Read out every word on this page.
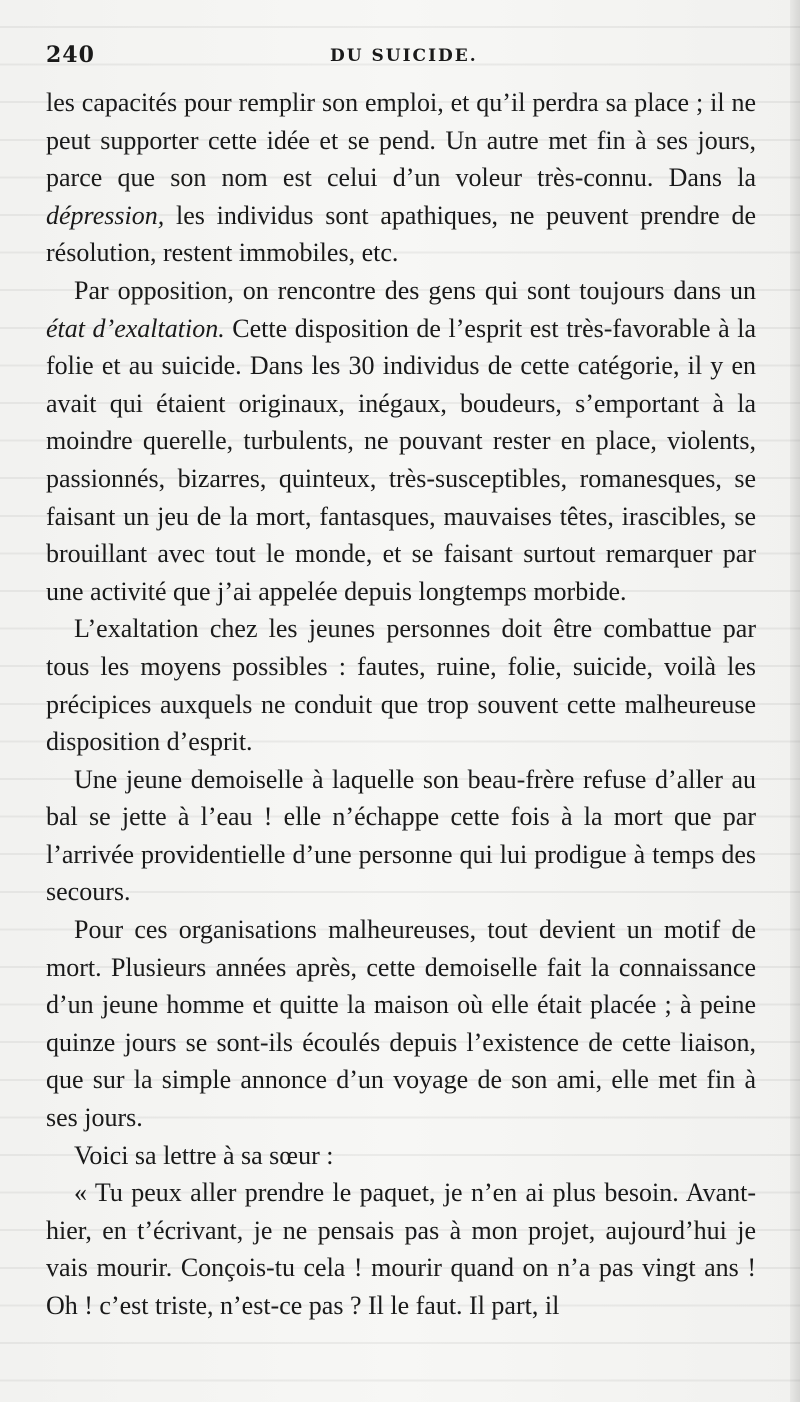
240	DU SUICIDE.

les capacités pour remplir son emploi, et qu’il perdra sa place ; il ne peut supporter cette idée et se pend. Un autre met fin à ses jours, parce que son nom est celui d’un voleur très-connu. Dans la dépression, les individus sont apathiques, ne peuvent prendre de résolution, restent immobiles, etc.

Par opposition, on rencontre des gens qui sont toujours dans un état d’exaltation. Cette disposition de l’esprit est très-favorable à la folie et au suicide. Dans les 30 individus de cette catégorie, il y en avait qui étaient originaux, inégaux, boudeurs, s’emportant à la moindre querelle, turbulents, ne pouvant rester en place, violents, passionnés, bizarres, quinteux, très-susceptibles, romanesques, se faisant un jeu de la mort, fantasques, mauvaises têtes, irascibles, se brouillant avec tout le monde, et se faisant surtout remarquer par une activité que j’ai appelée depuis longtemps morbide.

L’exaltation chez les jeunes personnes doit être combattue par tous les moyens possibles : fautes, ruine, folie, suicide, voilà les précipices auxquels ne conduit que trop souvent cette malheureuse disposition d’esprit.

Une jeune demoiselle à laquelle son beau-frère refuse d’aller au bal se jette à l’eau ! elle n’échappe cette fois à la mort que par l’arrivée providentielle d’une personne qui lui prodigue à temps des secours.

Pour ces organisations malheureuses, tout devient un motif de mort. Plusieurs années après, cette demoiselle fait la connaissance d’un jeune homme et quitte la maison où elle était placée ; à peine quinze jours se sont-ils écoulés depuis l’existence de cette liaison, que sur la simple annonce d’un voyage de son ami, elle met fin à ses jours.

Voici sa lettre à sa sœur :

« Tu peux aller prendre le paquet, je n’en ai plus besoin. Avant-hier, en t’écrivant, je ne pensais pas à mon projet, aujourd’hui je vais mourir. Conçois-tu cela ! mourir quand on n’a pas vingt ans ! Oh ! c’est triste, n’est-ce pas ? Il le faut. Il part, il
